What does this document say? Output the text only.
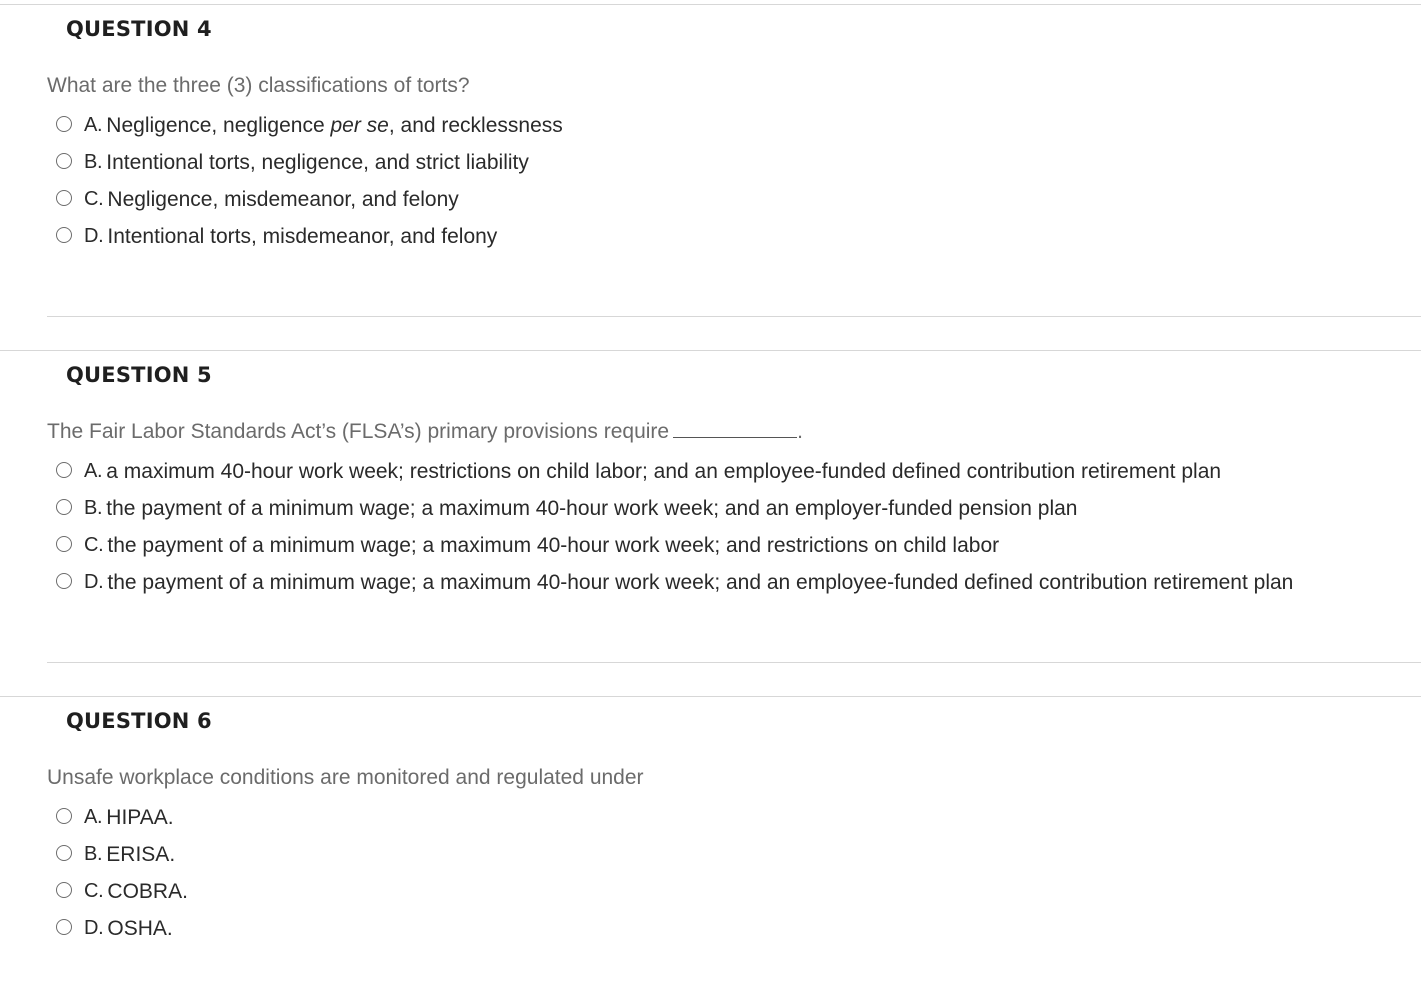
QUESTION 4
What are the three (3) classifications of torts?
A. Negligence, negligence per se, and recklessness
B. Intentional torts, negligence, and strict liability
C. Negligence, misdemeanor, and felony
D. Intentional torts, misdemeanor, and felony
QUESTION 5
The Fair Labor Standards Act’s (FLSA’s) primary provisions require	.
A. a maximum 40-hour work week; restrictions on child labor; and an employee-funded defined contribution retirement plan
B. the payment of a minimum wage; a maximum 40-hour work week; and an employer-funded pension plan
C. the payment of a minimum wage; a maximum 40-hour work week; and restrictions on child labor
D. the payment of a minimum wage; a maximum 40-hour work week; and an employee-funded defined contribution retirement plan
QUESTION 6
Unsafe workplace conditions are monitored and regulated under
A. HIPAA.
B. ERISA.
C. COBRA.
D. OSHA.
